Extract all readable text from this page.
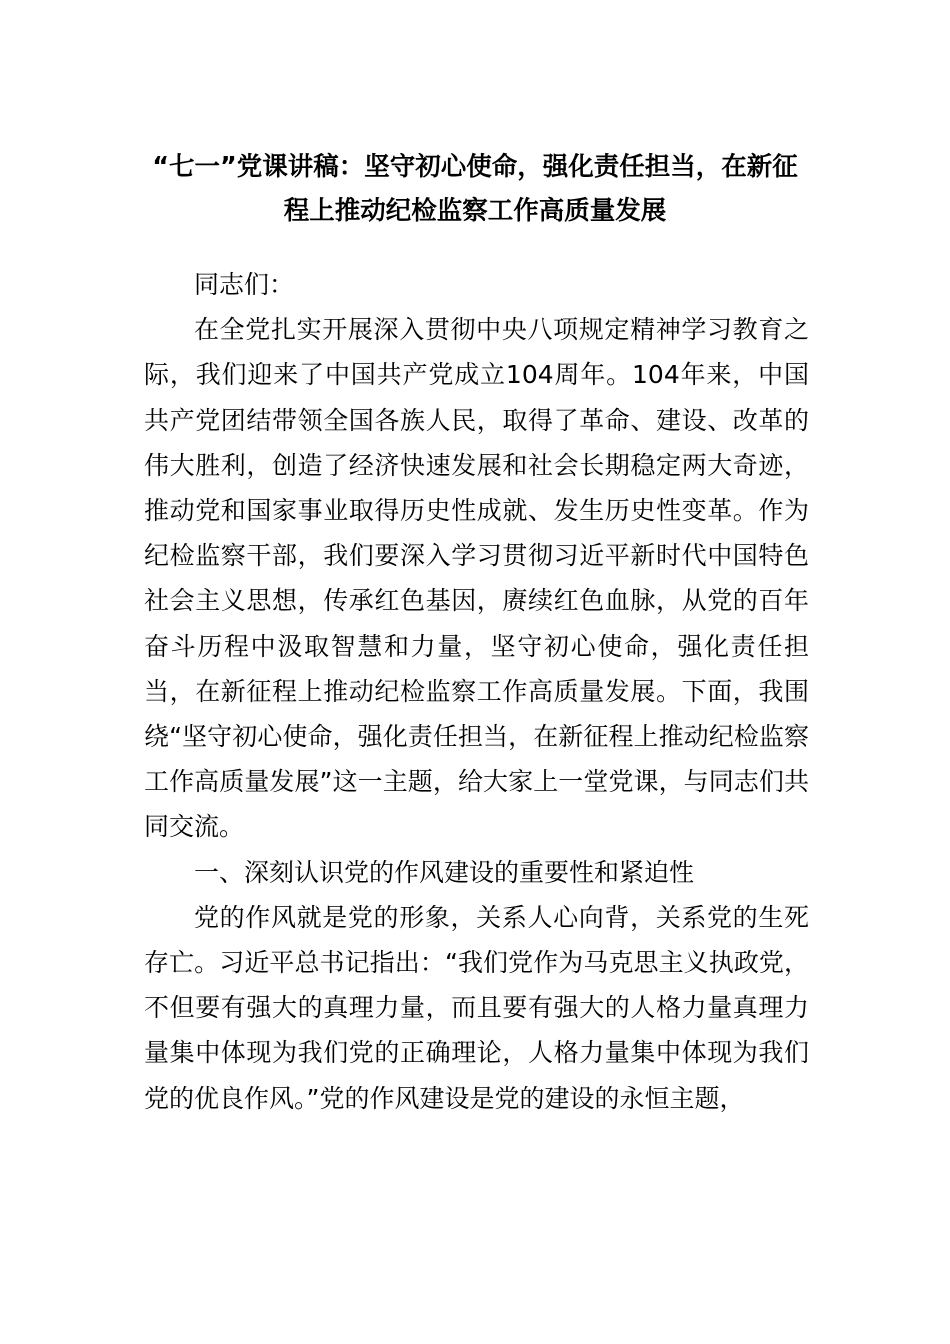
“七一”党课讲稿：坚守初心使命，强化责任担当，在新征程上推动纪检监察工作高质量发展

同志们：

在全党扎实开展深入贯彻中央八项规定精神学习教育之际，我们迎来了中国共产党成立104周年。104年来，中国共产党团结带领全国各族人民，取得了革命、建设、改革的伟大胜利，创造了经济快速发展和社会长期稳定两大奇迹，推动党和国家事业取得历史性成就、发生历史性变革。作为纪检监察干部，我们要深入学习贯彻习近平新时代中国特色社会主义思想，传承红色基因，赓续红色血脉，从党的百年奋斗历程中汲取智慧和力量，坚守初心使命，强化责任担当，在新征程上推动纪检监察工作高质量发展。下面，我围绕“坚守初心使命，强化责任担当，在新征程上推动纪检监察工作高质量发展”这一主题，给大家上一堂党课，与同志们共同交流。

一、深刻认识党的作风建设的重要性和紧迫性

党的作风就是党的形象，关系人心向背，关系党的生死存亡。习近平总书记指出：“我们党作为马克思主义执政党，不但要有强大的真理力量，而且要有强大的人格力量真理力量集中体现为我们党的正确理论，人格力量集中体现为我们党的优良作风。”党的作风建设是党的建设的永恒主题，
